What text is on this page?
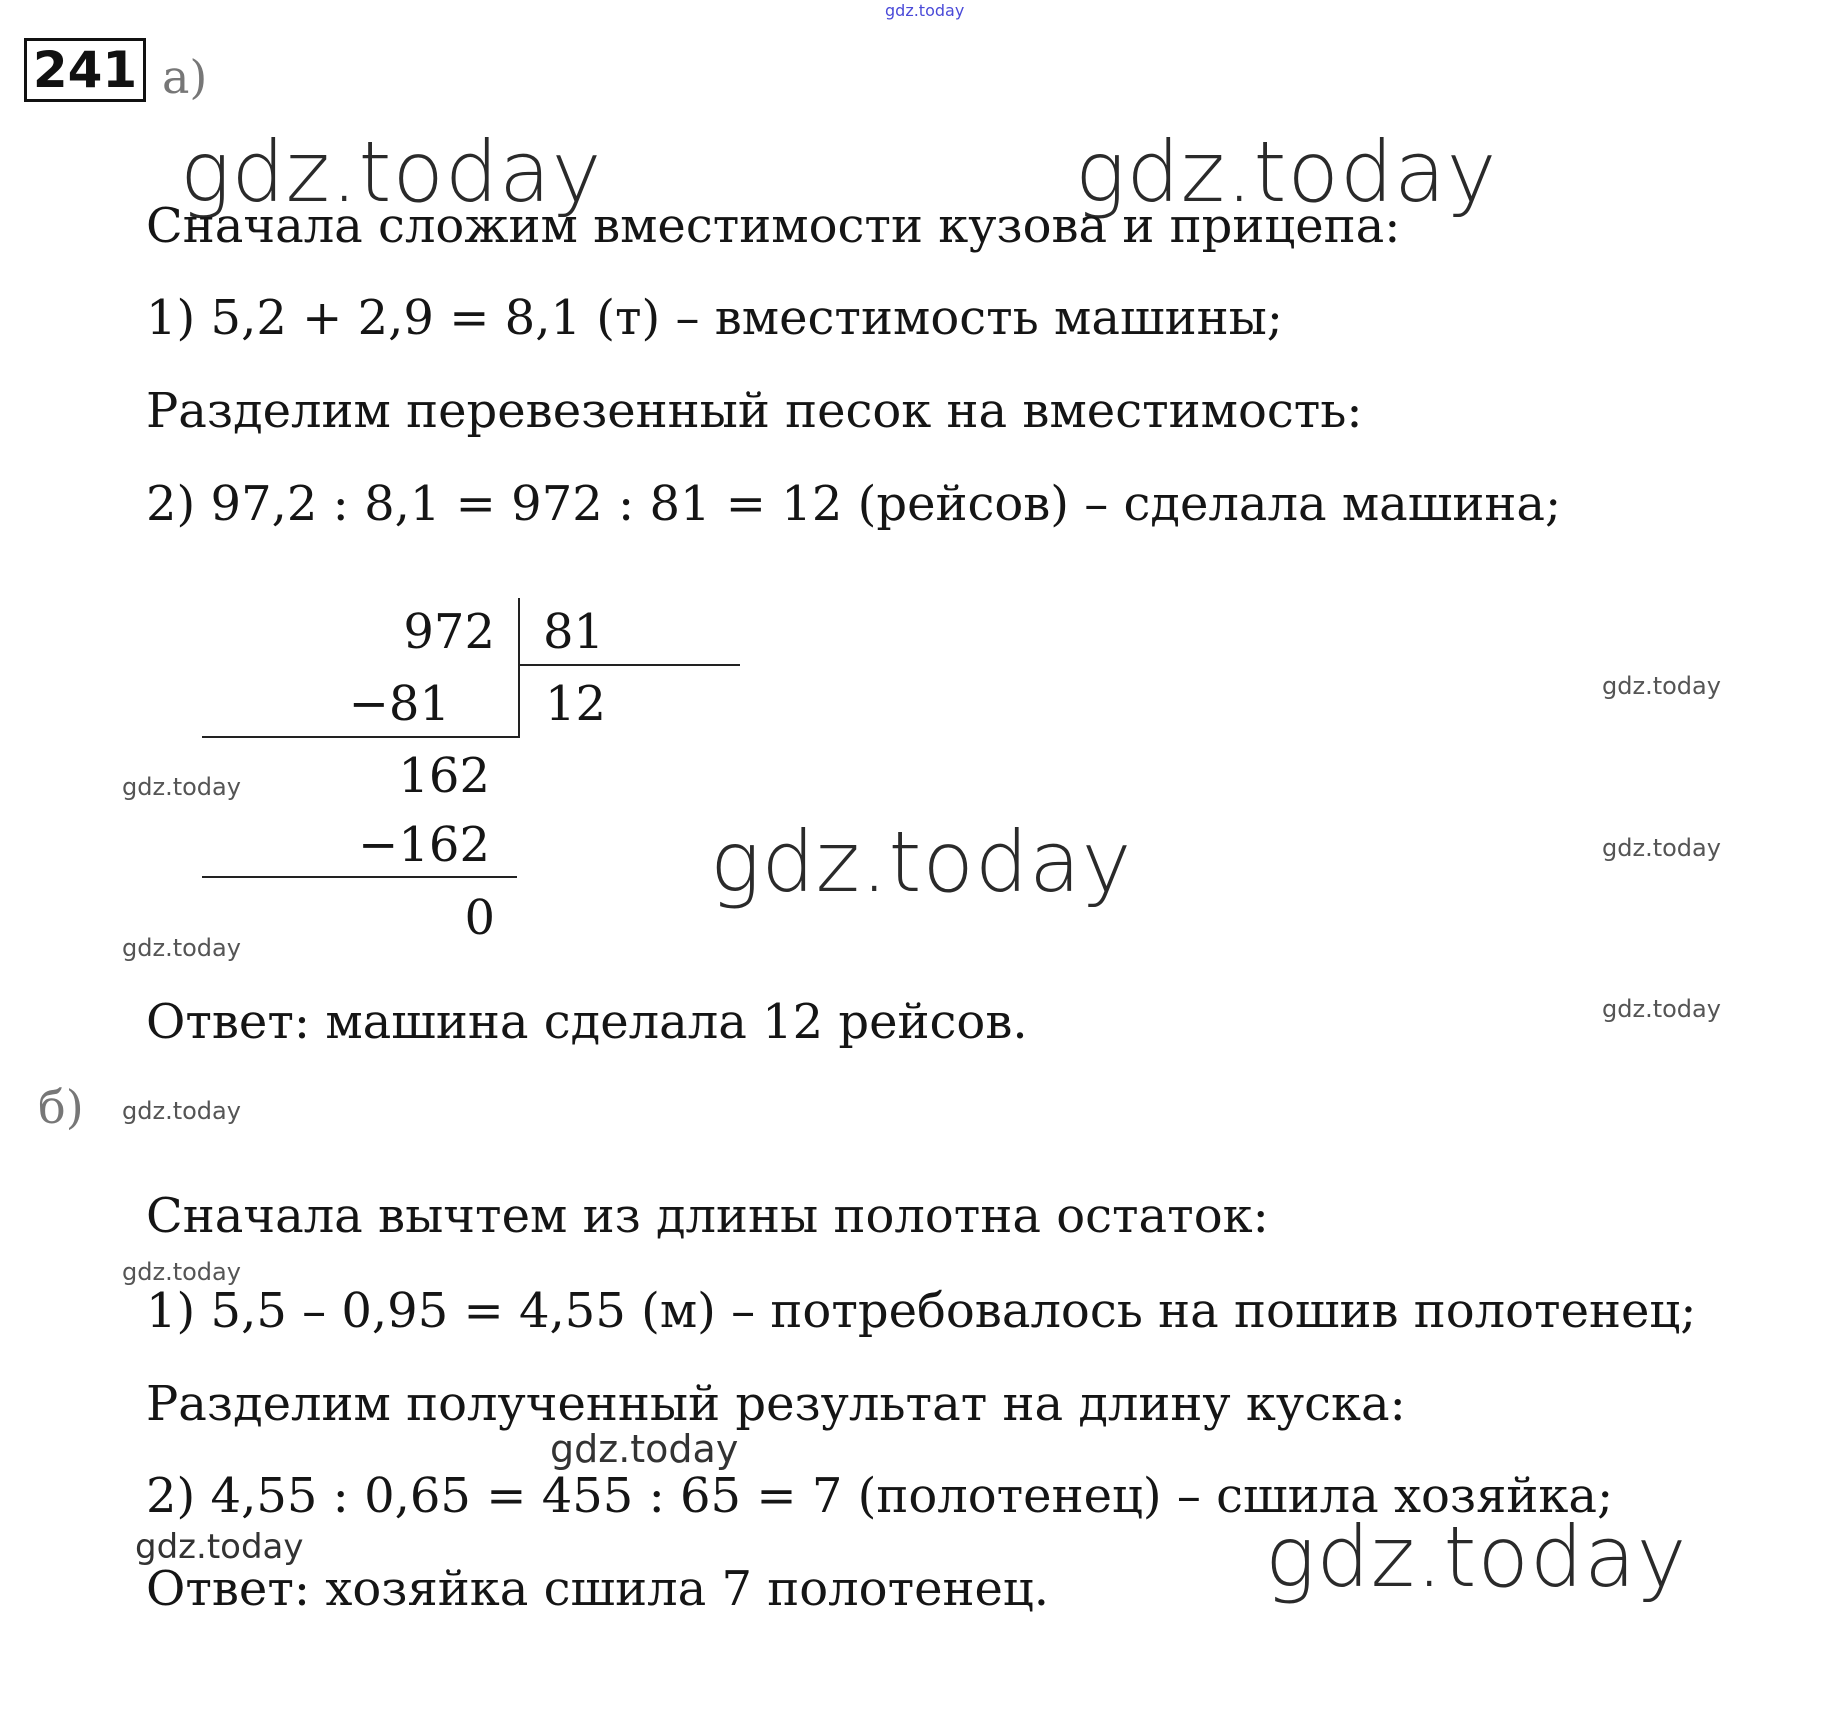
gdz.today
241 а)
gdz.today	gdz.today
Сначала сложим вместимости кузова и прицепа:
1) 5,2 + 2,9 = 8,1 (т) – вместимость машины;
Разделим перевезенный песок на вместимость:
2) 97,2 : 8,1 = 972 : 81 = 12 (рейсов) – сделала машина;
972 81
−81 12
162
−162
0
gdz.today
gdz.today
gdz.today
gdz.today
gdz.today
gdz.today
Ответ: машина сделала 12 рейсов.
б) gdz.today
Сначала вычтем из длины полотна остаток:
gdz.today
1) 5,5 – 0,95 = 4,55 (м) – потребовалось на пошив полотенец;
Разделим полученный результат на длину куска:
gdz.today
2) 4,55 : 0,65 = 455 : 65 = 7 (полотенец) – сшила хозяйка;
gdz.today	gdz.today
Ответ: хозяйка сшила 7 полотенец.
